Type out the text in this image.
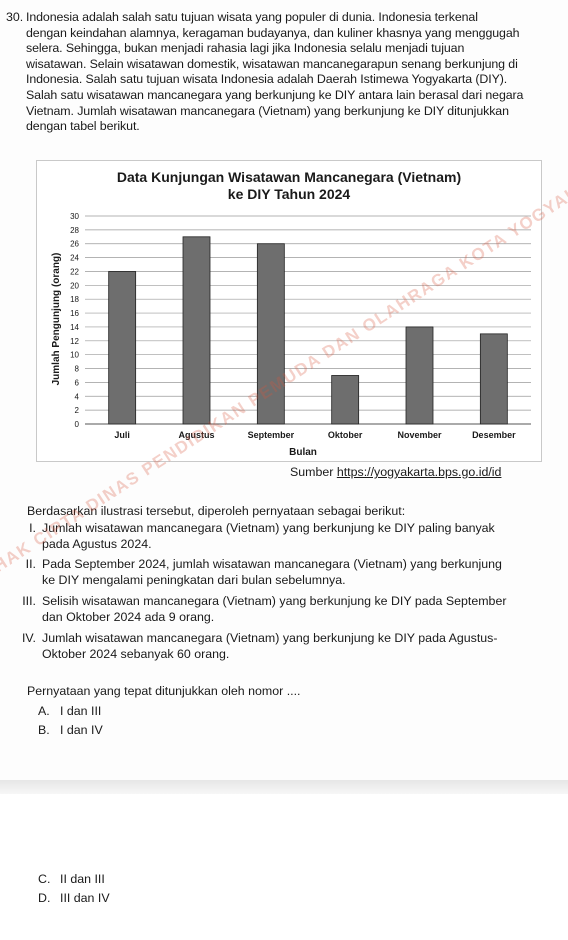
30. Indonesia adalah salah satu tujuan wisata yang populer di dunia. Indonesia terkenal
dengan keindahan alamnya, keragaman budayanya, dan kuliner khasnya yang menggugah
selera. Sehingga, bukan menjadi rahasia lagi jika Indonesia selalu menjadi tujuan
wisatawan. Selain wisatawan domestik, wisatawan mancanegarapun senang berkunjung di
Indonesia. Salah satu tujuan wisata Indonesia adalah Daerah Istimewa Yogyakarta (DIY).
Salah satu wisatawan mancanegara yang berkunjung ke DIY antara lain berasal dari negara
Vietnam. Jumlah wisatawan mancanegara (Vietnam) yang berkunjung ke DIY ditunjukkan
dengan tabel berikut.
Data Kunjungan Wisatawan Mancanegara (Vietnam)
ke DIY Tahun 2024
Jumlah Pengunjung (orang)
Bulan
0
2
4
6
8
10
12
14
16
18
20
22
24
26
28
30
Juli	Agustus	September	Oktober	November	Desember
Sumber https://yogyakarta.bps.go.id/id
Berdasarkan ilustrasi tersebut, diperoleh pernyataan sebagai berikut:
I. Jumlah wisatawan mancanegara (Vietnam) yang berkunjung ke DIY paling banyak
pada Agustus 2024.
II. Pada September 2024, jumlah wisatawan mancanegara (Vietnam) yang berkunjung
ke DIY mengalami peningkatan dari bulan sebelumnya.
III. Selisih wisatawan mancanegara (Vietnam) yang berkunjung ke DIY pada September
dan Oktober 2024 ada 9 orang.
IV. Jumlah wisatawan mancanegara (Vietnam) yang berkunjung ke DIY pada Agustus-
Oktober 2024 sebanyak 60 orang.
Pernyataan yang tepat ditunjukkan oleh nomor ....
A. I dan III
B. I dan IV
C. II dan III
D. III dan IV
HAK CIPTA DINAS PENDIDIKAN PEMUDA DAN OLAHRAGA KOTA
